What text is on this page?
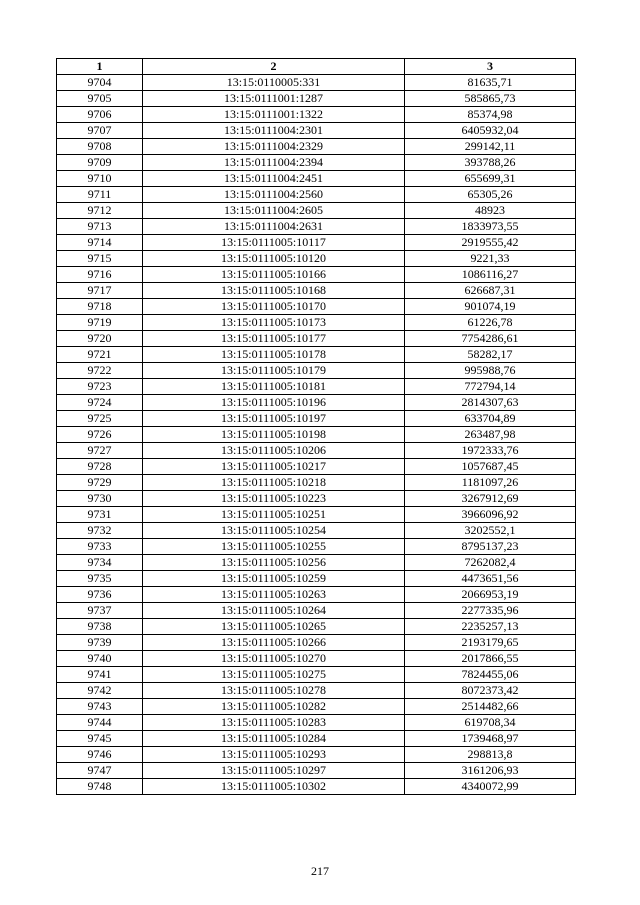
1	2	3
9704	13:15:0110005:331	81635,71
9705	13:15:0111001:1287	585865,73
9706	13:15:0111001:1322	85374,98
9707	13:15:0111004:2301	6405932,04
9708	13:15:0111004:2329	299142,11
9709	13:15:0111004:2394	393788,26
9710	13:15:0111004:2451	655699,31
9711	13:15:0111004:2560	65305,26
9712	13:15:0111004:2605	48923
9713	13:15:0111004:2631	1833973,55
9714	13:15:0111005:10117	2919555,42
9715	13:15:0111005:10120	9221,33
9716	13:15:0111005:10166	1086116,27
9717	13:15:0111005:10168	626687,31
9718	13:15:0111005:10170	901074,19
9719	13:15:0111005:10173	61226,78
9720	13:15:0111005:10177	7754286,61
9721	13:15:0111005:10178	58282,17
9722	13:15:0111005:10179	995988,76
9723	13:15:0111005:10181	772794,14
9724	13:15:0111005:10196	2814307,63
9725	13:15:0111005:10197	633704,89
9726	13:15:0111005:10198	263487,98
9727	13:15:0111005:10206	1972333,76
9728	13:15:0111005:10217	1057687,45
9729	13:15:0111005:10218	1181097,26
9730	13:15:0111005:10223	3267912,69
9731	13:15:0111005:10251	3966096,92
9732	13:15:0111005:10254	3202552,1
9733	13:15:0111005:10255	8795137,23
9734	13:15:0111005:10256	7262082,4
9735	13:15:0111005:10259	4473651,56
9736	13:15:0111005:10263	2066953,19
9737	13:15:0111005:10264	2277335,96
9738	13:15:0111005:10265	2235257,13
9739	13:15:0111005:10266	2193179,65
9740	13:15:0111005:10270	2017866,55
9741	13:15:0111005:10275	7824455,06
9742	13:15:0111005:10278	8072373,42
9743	13:15:0111005:10282	2514482,66
9744	13:15:0111005:10283	619708,34
9745	13:15:0111005:10284	1739468,97
9746	13:15:0111005:10293	298813,8
9747	13:15:0111005:10297	3161206,93
9748	13:15:0111005:10302	4340072,99
217
